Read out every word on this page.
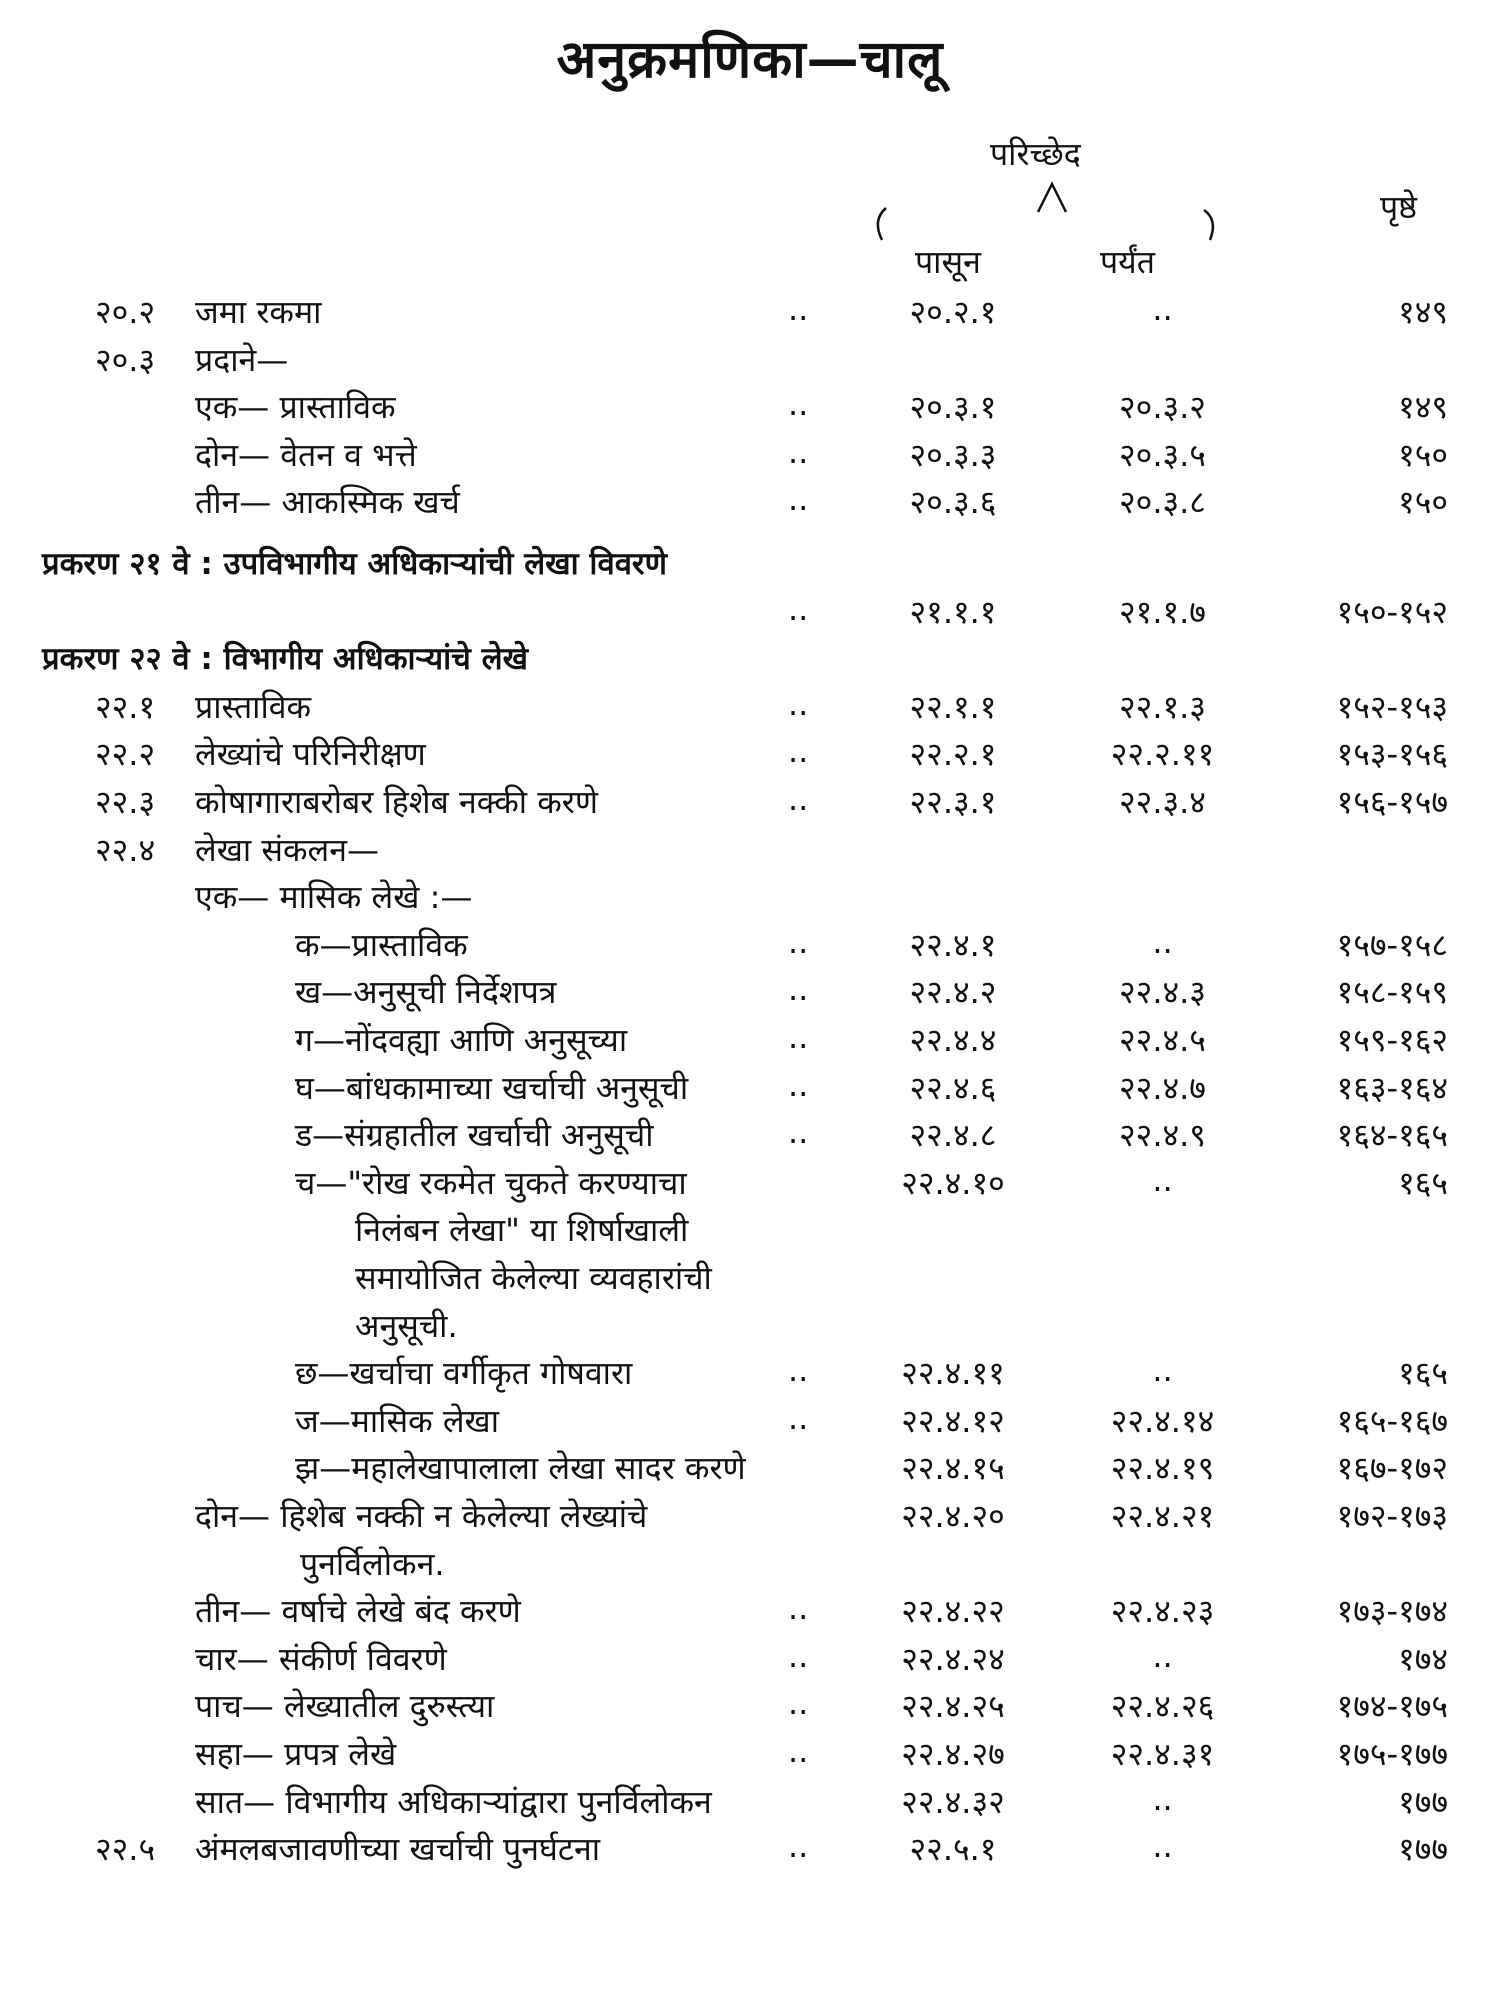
अनुक्रमणिका—चालू
परिच्छेद
पृष्ठे
पासून	पर्यंत
२०.२ जमा रकमा	..	२०.२.१	..	१४९
२०.३ प्रदाने—
एक— प्रास्ताविक	..	२०.३.१	२०.३.२	१४९
दोन— वेतन व भत्ते	..	२०.३.३	२०.३.५	१५०
तीन— आकस्मिक खर्च	..	२०.३.६	२०.३.८	१५०
प्रकरण २१ वे : उपविभागीय अधिकाऱ्यांची लेखा विवरणे
..	२१.१.१	२१.१.७	१५०-१५२
प्रकरण २२ वे : विभागीय अधिकाऱ्यांचे लेखे
२२.१ प्रास्ताविक	..	२२.१.१	२२.१.३	१५२-१५३
२२.२ लेख्यांचे परिनिरीक्षण	..	२२.२.१	२२.२.११	१५३-१५६
२२.३ कोषागाराबरोबर हिशेब नक्की करणे	..	२२.३.१	२२.३.४	१५६-१५७
२२.४ लेखा संकलन—
एक— मासिक लेखे :—
क—प्रास्ताविक	..	२२.४.१	..	१५७-१५८
ख—अनुसूची निर्देशपत्र	..	२२.४.२	२२.४.३	१५८-१५९
ग—नोंदवह्या आणि अनुसूच्या	..	२२.४.४	२२.४.५	१५९-१६२
घ—बांधकामाच्या खर्चाची अनुसूची	..	२२.४.६	२२.४.७	१६३-१६४
ड—संग्रहातील खर्चाची अनुसूची	..	२२.४.८	२२.४.९	१६४-१६५
च—"रोख रकमेत चुकते करण्याचा	२२.४.१०	..	१६५
निलंबन लेखा" या शिर्षाखाली
समायोजित केलेल्या व्यवहारांची
अनुसूची.
छ—खर्चाचा वर्गीकृत गोषवारा	..	२२.४.११	..	१६५
ज—मासिक लेखा	..	२२.४.१२	२२.४.१४	१६५-१६७
झ—महालेखापालाला लेखा सादर करणे	२२.४.१५	२२.४.१९	१६७-१७२
दोन— हिशेब नक्की न केलेल्या लेख्यांचे	२२.४.२०	२२.४.२१	१७२-१७३
पुनर्विलोकन.
तीन— वर्षाचे लेखे बंद करणे	..	२२.४.२२	२२.४.२३	१७३-१७४
चार— संकीर्ण विवरणे	..	२२.४.२४	..	१७४
पाच— लेख्यातील दुरुस्त्या	..	२२.४.२५	२२.४.२६	१७४-१७५
सहा— प्रपत्र लेखे	..	२२.४.२७	२२.४.३१	१७५-१७७
सात— विभागीय अधिकाऱ्यांद्वारा पुनर्विलोकन	२२.४.३२	..	१७७
२२.५ अंमलबजावणीच्या खर्चाची पुनर्घटना	..	२२.५.१	..	१७७
